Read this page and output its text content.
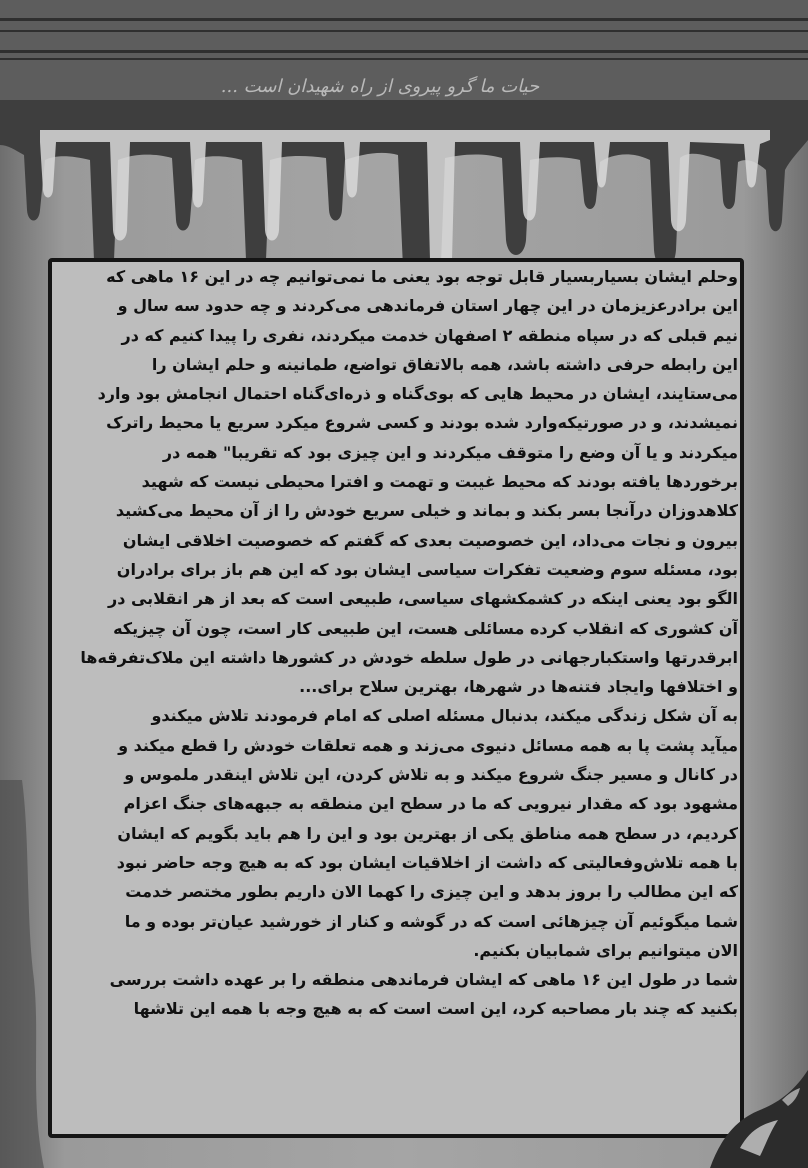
حیات ما گرو پیروی از راه شهیدان است ...
وحلم ایشان بسیاربسیار قابل توجه بود یعنی ما نمی‌توانیم چه در این ۱۶ ماهی که
این برادرعزیزمان در این چهار استان فرماندهی می‌کردند و چه حدود سه سال و
نیم قبلی که در سپاه منطقه ۲ اصفهان خدمت میکردند، نفری را پیدا کنیم که در
این رابطه حرفی داشته باشد، همه بالاتفاق تواضع، طمانینه و حلم ایشان را
می‌ستایند، ایشان در محیط هایی که بوی‌گناه و ذره‌ای‌گناه احتمال انجامش بود وارد
نمیشدند، و در صورتیکه‌وارد شده بودند و کسی شروع میکرد سریع یا محیط راترک
میکردند و یا آن وضع را متوقف میکردند و این چیزی بود که تقریبا" همه در
برخوردها یافته بودند که محیط غیبت و تهمت و افترا محیطی نیست که شهید
کلاهدوزان درآنجا بسر بکند و بماند و خیلی سریع خودش را از آن محیط می‌کشید
بیرون و نجات می‌داد، این خصوصیت بعدی که گفتم که خصوصیت اخلاقی ایشان
بود، مسئله سوم وضعیت تفکرات سیاسی ایشان بود که این هم باز برای برادران
الگو بود یعنی اینکه در کشمکشهای سیاسی، طبیعی است که بعد از هر انقلابی در
آن کشوری که انقلاب کرده مسائلی هست، این طبیعی کار است، چون آن چیزیکه
ابرقدرتها واستکبارجهانی در طول سلطه خودش در کشورها داشته این ملاک‌تفرقه‌ها
و اختلافها وایجاد فتنه‌ها در شهرها، بهترین سلاح برای...
به آن شکل زندگی میکند، بدنبال مسئله اصلی که امام فرمودند تلاش میکندو
میآید پشت پا به همه مسائل دنیوی می‌زند و همه تعلقات خودش را قطع میکند و
در کانال و مسیر جنگ شروع میکند و به تلاش کردن، این تلاش اینقدر ملموس و
مشهود بود که مقدار نیرویی که ما در سطح این منطقه به جبهه‌های جنگ اعزام
کردیم، در سطح همه مناطق یکی از بهترین بود و این را هم باید بگویم که ایشان
با همه تلاش‌وفعالیتی که داشت از اخلاقیات ایشان بود که به هیچ وجه حاضر نبود
که این مطالب را بروز بدهد و این چیزی را کهما الان داریم بطور مختصر خدمت
شما میگوئیم آن چیزهائی است که در گوشه و کنار از خورشید عیان‌تر بوده و ما
الان میتوانیم برای شمابیان بکنیم.
شما در طول این ۱۶ ماهی که ایشان فرماندهی منطقه را بر عهده داشت بررسی
بکنید که چند بار مصاحبه کرد، این است است که به هیچ وجه با همه این تلاشها
